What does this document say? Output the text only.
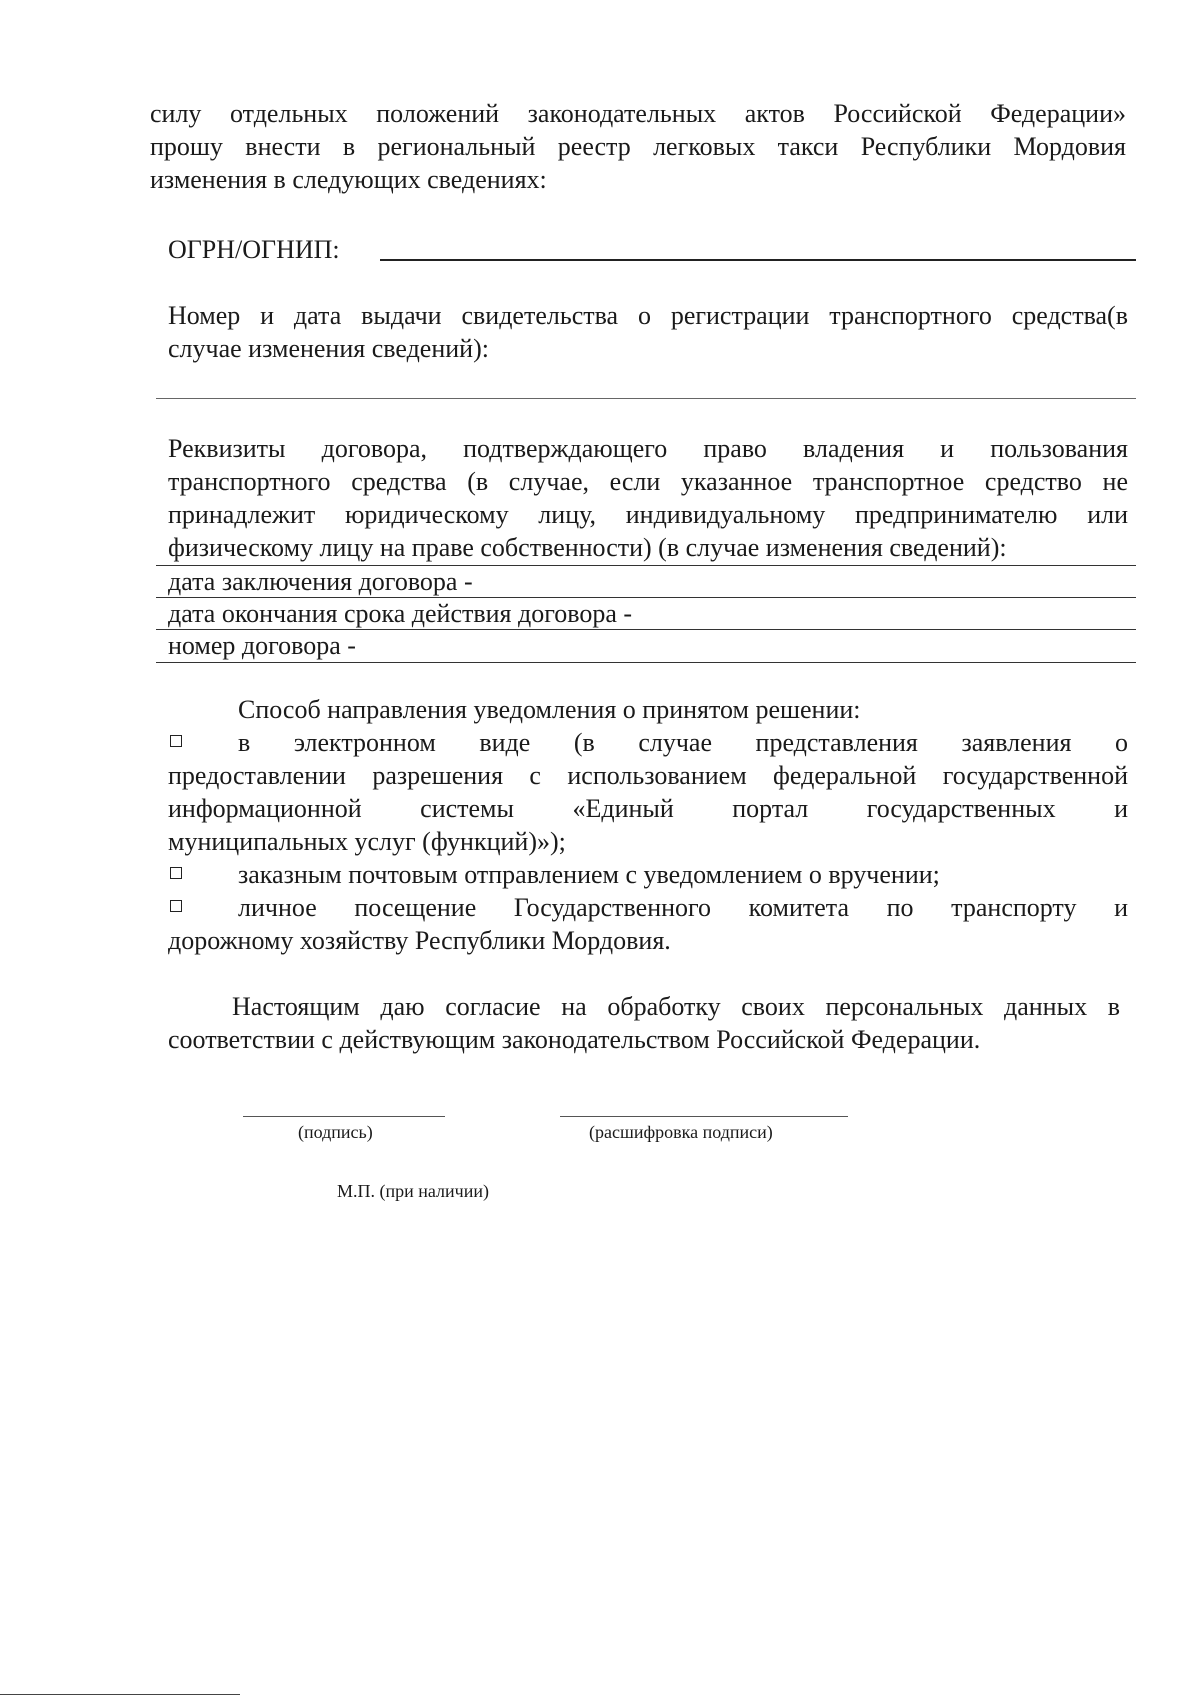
силу отдельных положений законодательных актов Российской Федерации»
прошу внести в региональный реестр легковых такси Республики Мордовия
изменения в следующих сведениях:
ОГРН/ОГНИП:
Номер и дата выдачи свидетельства о регистрации транспортного средства(в
случае изменения сведений):
Реквизиты договора, подтверждающего право владения и пользования
транспортного средства (в случае, если указанное транспортное средство не
принадлежит юридическому лицу, индивидуальному предпринимателю или
физическому лицу на праве собственности) (в случае изменения сведений):
дата заключения договора -
дата окончания срока действия договора -
номер договора -
Способ направления уведомления о принятом решении:
в электронном виде (в случае представления заявления о
предоставлении разрешения с использованием федеральной государственной
информационной системы «Единый портал государственных и
муниципальных услуг (функций)»);
заказным почтовым отправлением с уведомлением о вручении;
личное посещение Государственного комитета по транспорту и
дорожному хозяйству Республики Мордовия.
Настоящим даю согласие на обработку своих персональных данных в
соответствии с действующим законодательством Российской Федерации.
(подпись)	(расшифровка подписи)
М.П. (при наличии)
